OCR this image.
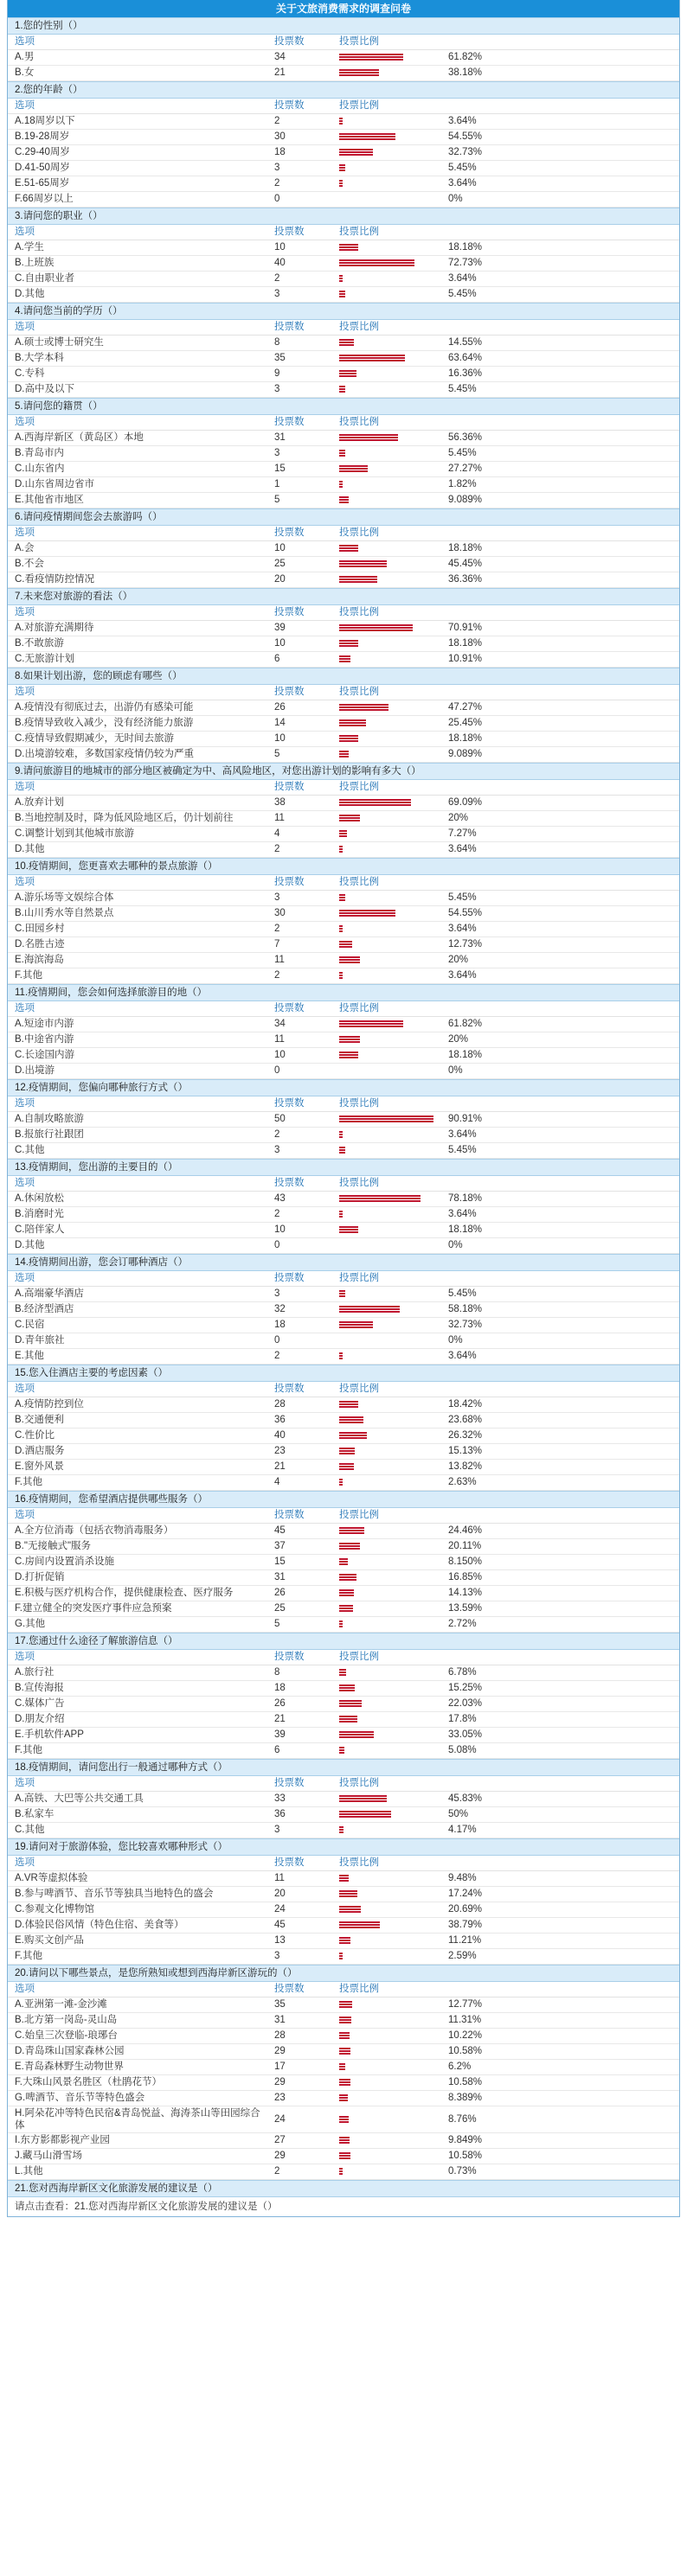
关于文旅消费需求的调查问卷
1.您的性别（）
选项	投票数	投票比例
A.男	34	61.82%

B.女	21	38.18%
2.您的年龄（）
选项	投票数	投票比例
A.18周岁以下	2	3.64%

B.19-28周岁	30	54.55%

C.29-40周岁	18	32.73%

D.41-50周岁	3	5.45%

E.51-65周岁	2	3.64%

F.66周岁以上	0	0%
3.请问您的职业（）
选项	投票数	投票比例
A.学生	10	18.18%

B.上班族	40	72.73%

C.自由职业者	2	3.64%

D.其他	3	5.45%
4.请问您当前的学历（）
选项	投票数	投票比例
A.硕士或博士研究生	8	14.55%

B.大学本科	35	63.64%

C.专科	9	16.36%

D.高中及以下	3	5.45%
5.请问您的籍贯（）
选项	投票数	投票比例
A.西海岸新区（黄岛区）本地	31	56.36%

B.青岛市内	3	5.45%

C.山东省内	15	27.27%

D.山东省周边省市	1	1.82%

E.其他省市地区	5	9.089%
6.请问疫情期间您会去旅游吗（）
选项	投票数	投票比例
A.会	10	18.18%

B.不会	25	45.45%

C.看疫情防控情况	20	36.36%
7.未来您对旅游的看法（）
选项	投票数	投票比例
A.对旅游充满期待	39	70.91%

B.不敢旅游	10	18.18%

C.无旅游计划	6	10.91%
8.如果计划出游，您的顾虑有哪些（）
选项	投票数	投票比例
A.疫情没有彻底过去，出游仍有感染可能	26	47.27%

B.疫情导致收入减少，没有经济能力旅游	14	25.45%

C.疫情导致假期减少，无时间去旅游	10	18.18%

D.出境游较难，多数国家疫情仍较为严重	5	9.089%
9.请问旅游目的地城市的部分地区被确定为中、高风险地区，对您出游计划的影响有多大（）
选项	投票数	投票比例
A.放弃计划	38	69.09%

B.当地控制及时，降为低风险地区后，仍计划前往	11	20%

C.调整计划到其他城市旅游	4	7.27%

D.其他	2	3.64%
10.疫情期间，您更喜欢去哪种的景点旅游（）
选项	投票数	投票比例
A.游乐场等文娱综合体	3	5.45%

B.山川秀水等自然景点	30	54.55%

C.田园乡村	2	3.64%

D.名胜古迹	7	12.73%

E.海滨海岛	11	20%

F.其他	2	3.64%
11.疫情期间，您会如何选择旅游目的地（）
选项	投票数	投票比例
A.短途市内游	34	61.82%

B.中途省内游	11	20%

C.长途国内游	10	18.18%

D.出境游	0	0%
12.疫情期间，您偏向哪种旅行方式（）
选项	投票数	投票比例
A.自制攻略旅游	50	90.91%

B.报旅行社跟团	2	3.64%

C.其他	3	5.45%
13.疫情期间，您出游的主要目的（）
选项	投票数	投票比例
A.休闲放松	43	78.18%

B.消磨时光	2	3.64%

C.陪伴家人	10	18.18%

D.其他	0	0%
14.疫情期间出游，您会订哪种酒店（）
选项	投票数	投票比例
A.高端豪华酒店	3	5.45%

B.经济型酒店	32	58.18%

C.民宿	18	32.73%

D.青年旅社	0	0%

E.其他	2	3.64%
15.您入住酒店主要的考虑因素（）
选项	投票数	投票比例
A.疫情防控到位	28	18.42%

B.交通便利	36	23.68%

C.性价比	40	26.32%

D.酒店服务	23	15.13%

E.窗外风景	21	13.82%

F.其他	4	2.63%
16.疫情期间，您希望酒店提供哪些服务（）
选项	投票数	投票比例
A.全方位消毒（包括衣物消毒服务）	45	24.46%

B."无接触式"服务	37	20.11%

C.房间内设置消杀设施	15	8.150%

D.打折促销	31	16.85%

E.积极与医疗机构合作，提供健康检查、医疗服务	26	14.13%

F.建立健全的突发医疗事件应急预案	25	13.59%

G.其他	5	2.72%
17.您通过什么途径了解旅游信息（）
选项	投票数	投票比例
A.旅行社	8	6.78%

B.宣传海报	18	15.25%

C.媒体广告	26	22.03%

D.朋友介绍	21	17.8%

E.手机软件APP	39	33.05%

F.其他	6	5.08%
18.疫情期间，请问您出行一般通过哪种方式（）
选项	投票数	投票比例
A.高铁、大巴等公共交通工具	33	45.83%

B.私家车	36	50%

C.其他	3	4.17%
19.请问对于旅游体验，您比较喜欢哪种形式（）
选项	投票数	投票比例
A.VR等虚拟体验	11	9.48%

B.参与啤酒节、音乐节等独具当地特色的盛会	20	17.24%

C.参观文化博物馆	24	20.69%

D.体验民俗风情（特色住宿、美食等）	45	38.79%

E.购买文创产品	13	11.21%

F.其他	3	2.59%
20.请问以下哪些景点，是您所熟知或想到西海岸新区游玩的（）
选项	投票数	投票比例
A.亚洲第一滩-金沙滩	35	12.77%

B.北方第一岗岛-灵山岛	31	11.31%

C.始皇三次登临-琅琊台	28	10.22%

D.青岛珠山国家森林公园	29	10.58%

E.青岛森林野生动物世界	17	6.2%

F.大珠山风景名胜区（杜鹃花节）	29	10.58%

G.啤酒节、音乐节等特色盛会	23	8.389%

H.阿朵花冲等特色民宿&青岛悦益、海涛茶山等田园综合体	24	8.76%

I.东方影都影视产业园	27	9.849%

J.藏马山滑雪场	29	10.58%

L.其他	2	0.73%
21.您对西海岸新区文化旅游发展的建议是（）
请点击查看：21.您对西海岸新区文化旅游发展的建议是（）
